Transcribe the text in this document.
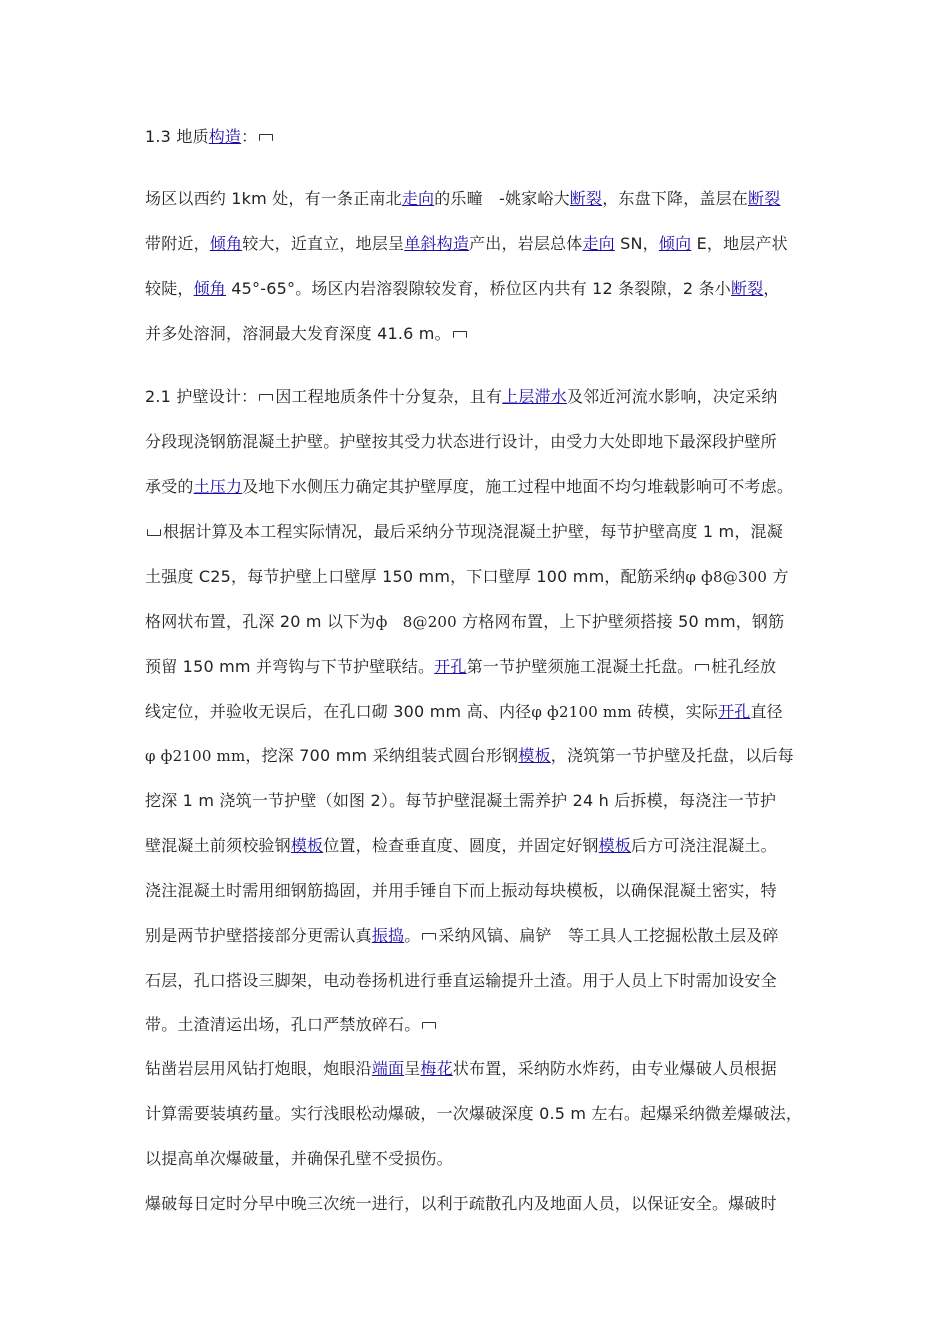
1.3 地质构造：
场区以西约 1km 处，有一条正南北走向的乐疃　-姚家峪大断裂，东盘下降，盖层在断裂
带附近，倾角较大，近直立，地层呈单斜构造产出，岩层总体走向 SN，倾向 E，地层产状
较陡，倾角 45°-65°。场区内岩溶裂隙较发育，桥位区内共有 12 条裂隙，2 条小断裂，
并多处溶洞，溶洞最大发育深度 41.6 m。
2.1 护壁设计： 因工程地质条件十分复杂，且有上层滞水及邻近河流水影响，决定采纳
分段现浇钢筋混凝土护壁。护壁按其受力状态进行设计，由受力大处即地下最深段护壁所
承受的土压力及地下水侧压力确定其护壁厚度，施工过程中地面不均匀堆载影响可不考虑。
根据计算及本工程实际情况，最后采纳分节现浇混凝土护壁，每节护壁高度 1 m，混凝
土强度 C25，每节护壁上口壁厚 150 mm，下口壁厚 100 mm，配筋采纳φ ф8@300 方
格网状布置，孔深 20 m 以下为ф　8@200 方格网布置，上下护壁须搭接 50 mm，钢筋
预留 150 mm 并弯钩与下节护壁联结。开孔第一节护壁须施工混凝土托盘。 桩孔经放
线定位，并验收无误后，在孔口砌 300 mm 高、内径φ ф2100 mm 砖模，实际开孔直径
φ ф2100 mm，挖深 700 mm 采纳组装式圆台形钢模板，浇筑第一节护壁及托盘，以后每
挖深 1 m 浇筑一节护壁（如图 2）。每节护壁混凝土需养护 24 h 后拆模，每浇注一节护
壁混凝土前须校验钢模板位置，检查垂直度、圆度，并固定好钢模板后方可浇注混凝土。
浇注混凝土时需用细钢筋捣固，并用手锤自下而上振动每块模板，以确保混凝土密实，特
别是两节护壁搭接部分更需认真振捣。 采纳风镐、扁铲　等工具人工挖掘松散土层及碎
石层，孔口搭设三脚架，电动卷扬机进行垂直运输提升土渣。用于人员上下时需加设安全
带。土渣清运出场，孔口严禁放碎石。
钻凿岩层用风钻打炮眼，炮眼沿端面呈梅花状布置，采纳防水炸药，由专业爆破人员根据
计算需要装填药量。实行浅眼松动爆破，一次爆破深度 0.5 m 左右。起爆采纳微差爆破法，
以提高单次爆破量，并确保孔壁不受损伤。
爆破每日定时分早中晚三次统一进行，以利于疏散孔内及地面人员，以保证安全。爆破时
